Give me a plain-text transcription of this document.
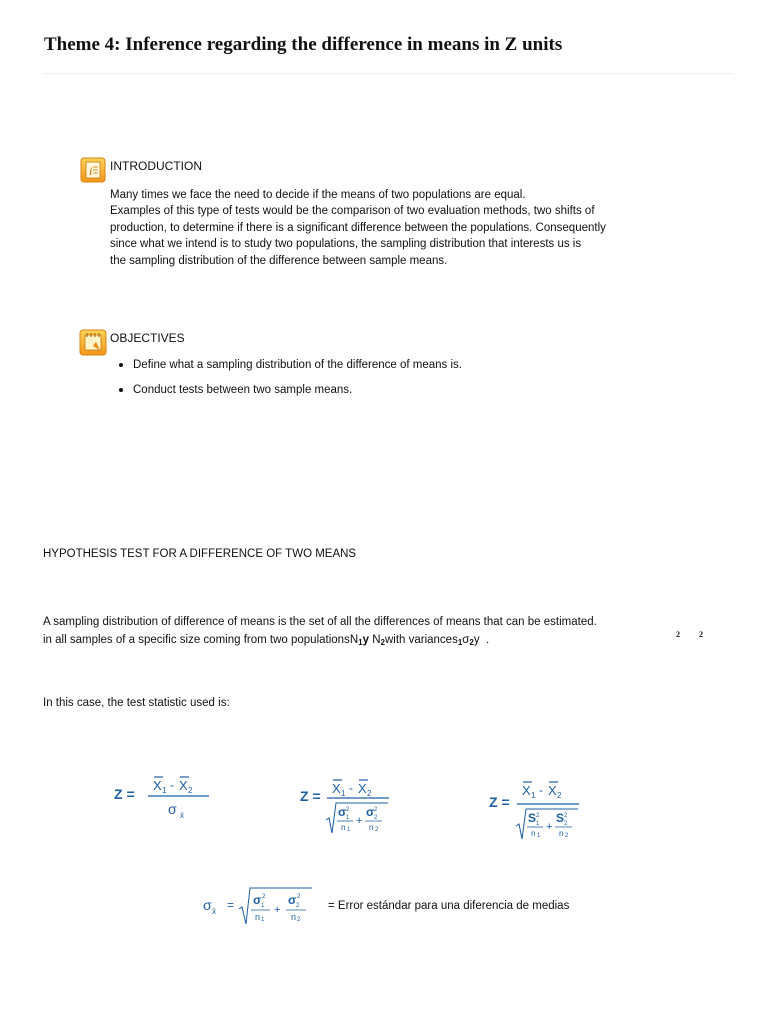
Theme 4: Inference regarding the difference in means in Z units
i INTRODUCTION
Many times we face the need to decide if the means of two populations are equal.
Examples of this type of tests would be the comparison of two evaluation methods, two shifts of
production, to determine if there is a significant difference between the populations. Consequently
since what we intend is to study two populations, the sampling distribution that interests us is
the sampling distribution of the difference between sample means.
OBJECTIVES
Define what a sampling distribution of the difference of means is.
Conduct tests between two sample means.
HYPOTHESIS TEST FOR A DIFFERENCE OF TWO MEANS
A sampling distribution of difference of means is the set of all the differences of means that can be estimated.
in all samples of a specific size coming from two populationsN$_1$y $N_2with$ $variances_1\sigma_2y$ .	2 2
In this case, the test statistic used is:
Z =
X 1 - X 2
σ x̄
Z = X 1 - X 2
σ 1
2
n 1
+
σ 2
2
n 2
Z =
X 1 - X 2
S 1
2
n 1
+
S 2
2
n 2
σ x̄ = σ 1
2
n 1
+
σ 2
2
n 2
= Error estándar para una diferencia de medias
